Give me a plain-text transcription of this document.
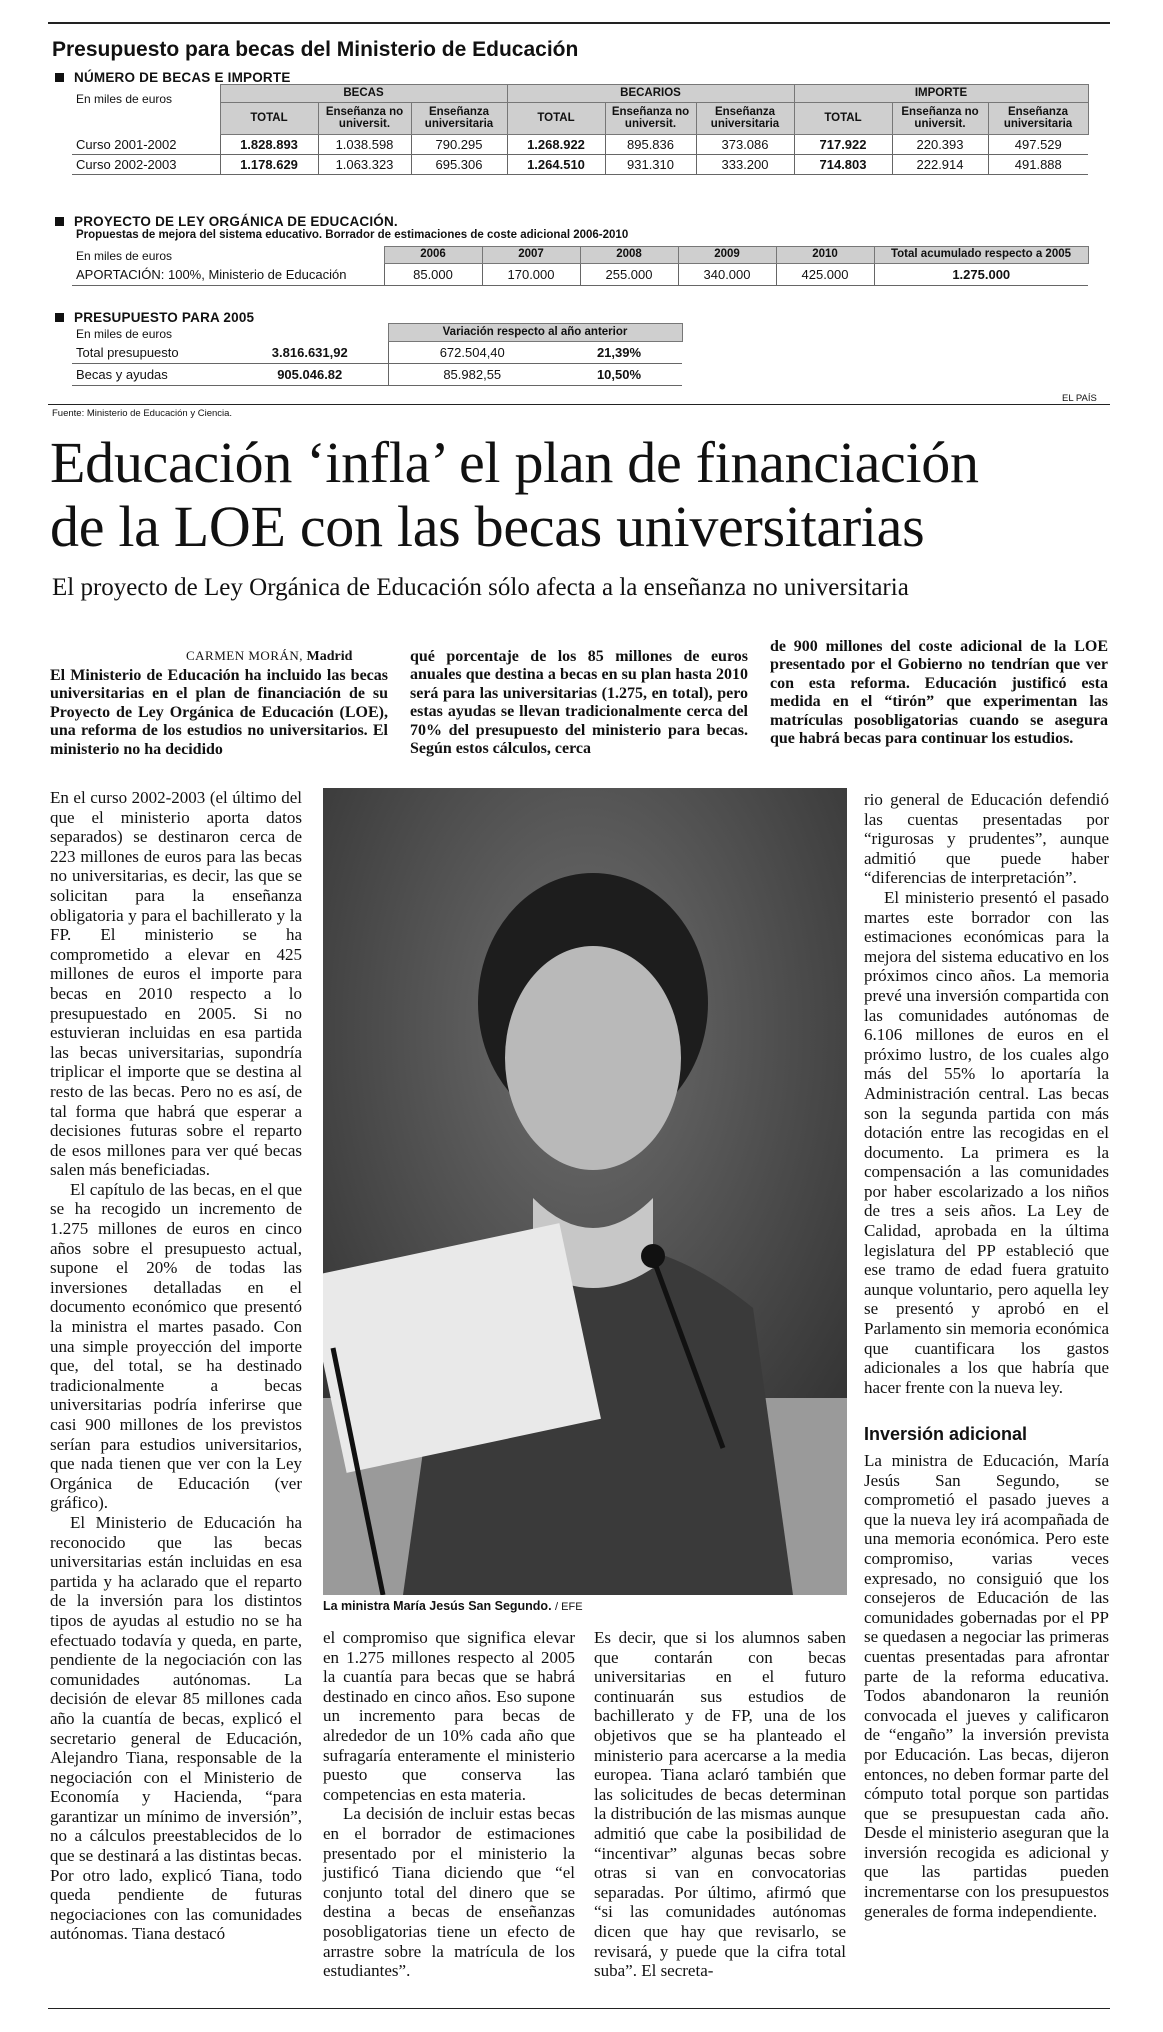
Presupuesto para becas del Ministerio de Educación
NÚMERO DE BECAS E IMPORTE
En miles de euros
		BECAS			BECARIOS			IMPORTE		
	TOTAL	Enseñanza no universit.	Enseñanza universitaria	TOTAL	Enseñanza no universit.	Enseñanza universitaria	TOTAL	Enseñanza no universit.	Enseñanza universitaria
Curso 2001-2002	1.828.893	1.038.598	790.295	1.268.922	895.836	373.086	717.922	220.393	497.529
Curso 2002-2003	1.178.629	1.063.323	695.306	1.264.510	931.310	333.200	714.803	222.914	491.888
PROYECTO DE LEY ORGÁNICA DE EDUCACIÓN.
Propuestas de mejora del sistema educativo. Borrador de estimaciones de coste adicional 2006-2010
En miles de euros
		2006	2007	2008	2009	2010	Total acumulado respecto a 2005
APORTACIÓN: 100%, Ministerio de Educación	85.000	170.000	255.000	340.000	425.000	1.275.000
PRESUPUESTO PARA 2005
En miles de euros
			Variación respecto al año anterior	
Total presupuesto	3.816.631,92	672.504,40	21,39%
Becas y ayudas	905.046.82	85.982,55	10,50%
Fuente: Ministerio de Educación y Ciencia.
EL PAÍS
Educación ‘infla’ el plan de financiación
de la LOE con las becas universitarias
El proyecto de Ley Orgánica de Educación sólo afecta a la enseñanza no universitaria
CARMEN MORÁN, Madrid

El Ministerio de Educación ha incluido las becas universitarias en el plan de financiación de su Proyecto de Ley Orgánica de Educación (LOE), una reforma de los estudios no universitarios. El ministerio no ha decidido

qué porcentaje de los 85 millones de euros anuales que destina a becas en su plan hasta 2010 será para las universitarias (1.275, en total), pero estas ayudas se llevan tradicionalmente cerca del 70% del presupuesto del ministerio para becas. Según estos cálculos, cerca

de 900 millones del coste adicional de la LOE presentado por el Gobierno no tendrían que ver con esta reforma. Educación justificó esta medida en el “tirón” que experimentan las matrículas posobligatorias cuando se asegura que habrá becas para continuar los estudios.

La ministra María Jesús San Segundo. / EFE

En el curso 2002-2003 (el último del que el ministerio aporta datos separados) se destinaron cerca de 223 millones de euros para las becas no universitarias, es decir, las que se solicitan para la enseñanza obligatoria y para el bachillerato y la FP. El ministerio se ha comprometido a elevar en 425 millones de euros el importe para becas en 2010 respecto a lo presupuestado en 2005. Si no estuvieran incluidas en esa partida las becas universitarias, supondría triplicar el importe que se destina al resto de las becas. Pero no es así, de tal forma que habrá que esperar a decisiones futuras sobre el reparto de esos millones para ver qué becas salen más beneficiadas.

El capítulo de las becas, en el que se ha recogido un incremento de 1.275 millones de euros en cinco años sobre el presupuesto actual, supone el 20% de todas las inversiones detalladas en el documento económico que presentó la ministra el martes pasado. Con una simple proyección del importe que, del total, se ha destinado tradicionalmente a becas universitarias podría inferirse que casi 900 millones de los previstos serían para estudios universitarios, que nada tienen que ver con la Ley Orgánica de Educación (ver gráfico).

El Ministerio de Educación ha reconocido que las becas universitarias están incluidas en esa partida y ha aclarado que el reparto de la inversión para los distintos tipos de ayudas al estudio no se ha efectuado todavía y queda, en parte, pendiente de la negociación con las comunidades autónomas. La decisión de elevar 85 millones cada año la cuantía de becas, explicó el secretario general de Educación, Alejandro Tiana, responsable de la negociación con el Ministerio de Economía y Hacienda, “para garantizar un mínimo de inversión”, no a cálculos preestablecidos de lo que se destinará a las distintas becas. Por otro lado, explicó Tiana, todo queda pendiente de futuras negociaciones con las comunidades autónomas. Tiana destacó

el compromiso que significa elevar en 1.275 millones respecto al 2005 la cuantía para becas que se habrá destinado en cinco años. Eso supone un incremento para becas de alrededor de un 10% cada año que sufragaría enteramente el ministerio puesto que conserva las competencias en esta materia.

La decisión de incluir estas becas en el borrador de estimaciones presentado por el ministerio la justificó Tiana diciendo que “el conjunto total del dinero que se destina a becas de enseñanzas posobligatorias tiene un efecto de arrastre sobre la matrícula de los estudiantes”.

Es decir, que si los alumnos saben que contarán con becas universitarias en el futuro continuarán sus estudios de bachillerato y de FP, una de los objetivos que se ha planteado el ministerio para acercarse a la media europea. Tiana aclaró también que las solicitudes de becas determinan la distribución de las mismas aunque admitió que cabe la posibilidad de “incentivar” algunas becas sobre otras si van en convocatorias separadas. Por último, afirmó que “si las comunidades autónomas dicen que hay que revisarlo, se revisará, y puede que la cifra total suba”. El secreta-

rio general de Educación defendió las cuentas presentadas por “rigurosas y prudentes”, aunque admitió que puede haber “diferencias de interpretación”.

El ministerio presentó el pasado martes este borrador con las estimaciones económicas para la mejora del sistema educativo en los próximos cinco años. La memoria prevé una inversión compartida con las comunidades autónomas de 6.106 millones de euros en el próximo lustro, de los cuales algo más del 55% lo aportaría la Administración central. Las becas son la segunda partida con más dotación entre las recogidas en el documento. La primera es la compensación a las comunidades por haber escolarizado a los niños de tres a seis años. La Ley de Calidad, aprobada en la última legislatura del PP estableció que ese tramo de edad fuera gratuito aunque voluntario, pero aquella ley se presentó y aprobó en el Parlamento sin memoria económica que cuantificara los gastos adicionales a los que habría que hacer frente con la nueva ley.

Inversión adicional

La ministra de Educación, María Jesús San Segundo, se comprometió el pasado jueves a que la nueva ley irá acompañada de una memoria económica. Pero este compromiso, varias veces expresado, no consiguió que los consejeros de Educación de las comunidades gobernadas por el PP se quedasen a negociar las primeras cuentas presentadas para afrontar parte de la reforma educativa. Todos abandonaron la reunión convocada el jueves y calificaron de “engaño” la inversión prevista por Educación. Las becas, dijeron entonces, no deben formar parte del cómputo total porque son partidas que se presupuestan cada año. Desde el ministerio aseguran que la inversión recogida es adicional y que las partidas pueden incrementarse con los presupuestos generales de forma independiente.
